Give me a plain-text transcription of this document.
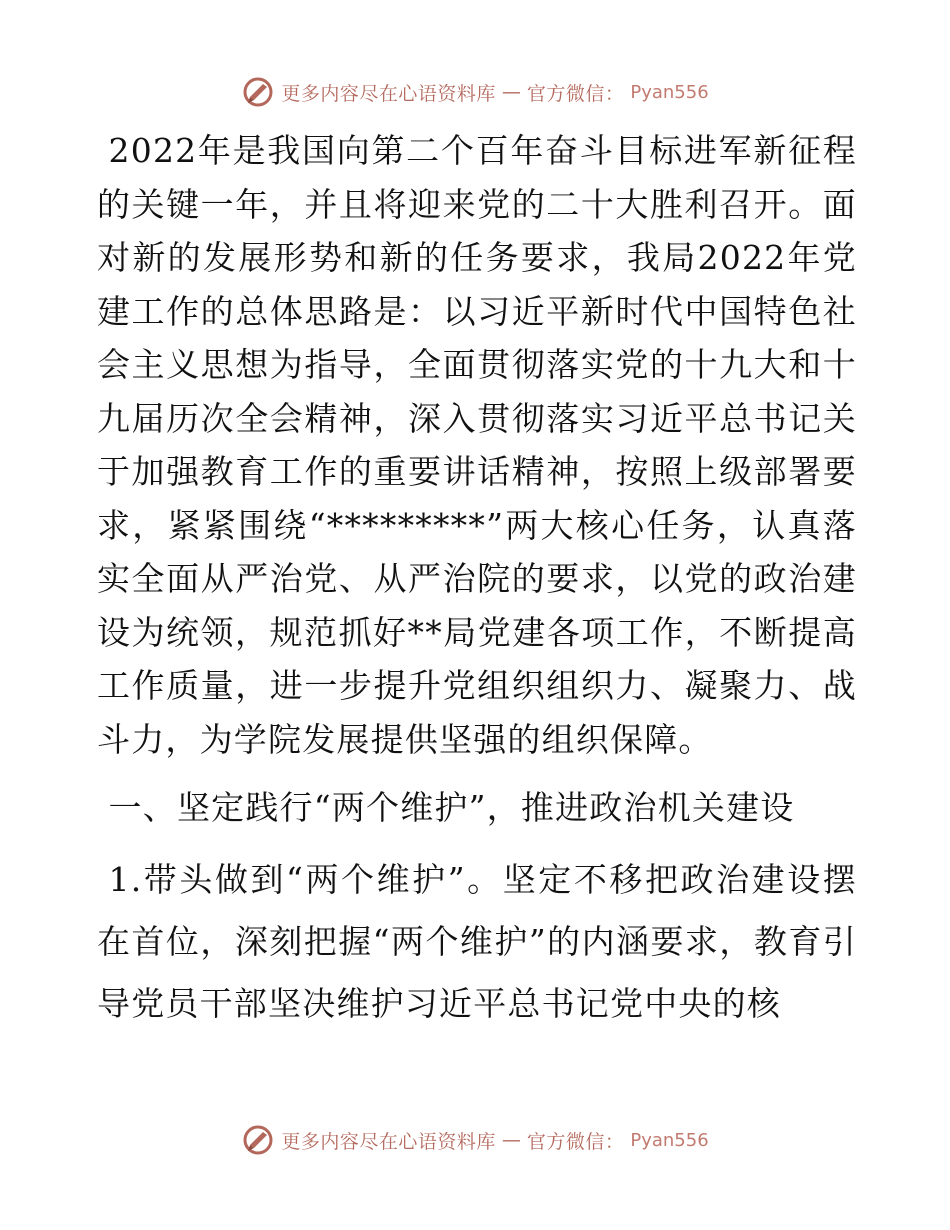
更多内容尽在心语资料库 — 官方微信： Pyan556

2022年是我国向第二个百年奋斗目标进军新征程的关键一年，并且将迎来党的二十大胜利召开。面对新的发展形势和新的任务要求，我局2022年党建工作的总体思路是：以习近平新时代中国特色社会主义思想为指导，全面贯彻落实党的十九大和十九届历次全会精神，深入贯彻落实习近平总书记关于加强教育工作的重要讲话精神，按照上级部署要求，紧紧围绕“*********”两大核心任务，认真落实全面从严治党、从严治院的要求，以党的政治建设为统领，规范抓好**局党建各项工作，不断提高工作质量，进一步提升党组织组织力、凝聚力、战斗力，为学院发展提供坚强的组织保障。

一、坚定践行“两个维护”，推进政治机关建设

1.带头做到“两个维护”。坚定不移把政治建设摆在首位，深刻把握“两个维护”的内涵要求，教育引导党员干部坚决维护习近平总书记党中央的核

更多内容尽在心语资料库 — 官方微信： Pyan556
